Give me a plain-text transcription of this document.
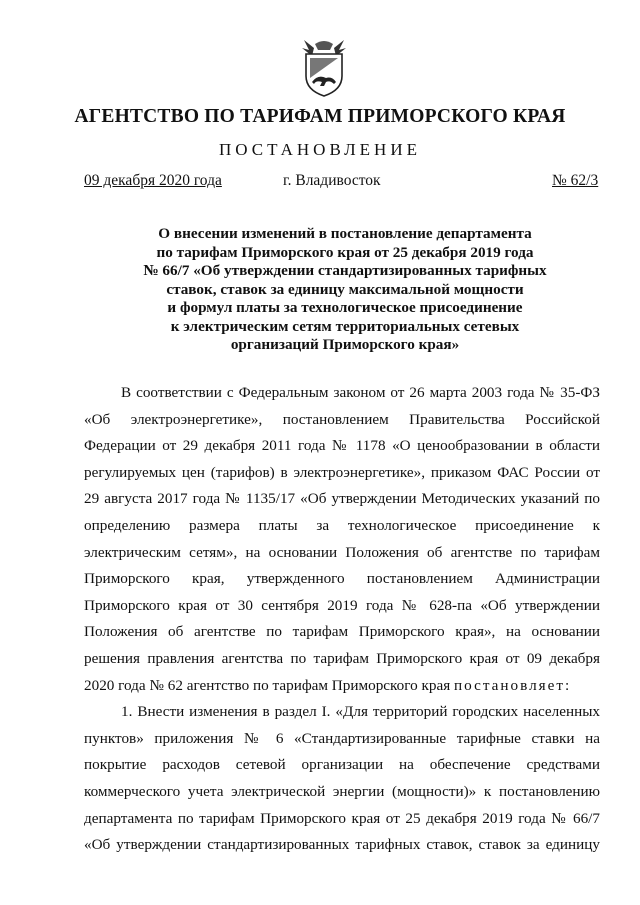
АГЕНТСТВО ПО ТАРИФАМ ПРИМОРСКОГО КРАЯ
ПОСТАНОВЛЕНИЕ
09 декабря 2020 года	г. Владивосток	№ 62/3
О внесении изменений в постановление департамента
по тарифам Приморского края от 25 декабря 2019 года
№ 66/7 «Об утверждении стандартизированных тарифных
ставок, ставок за единицу максимальной мощности
и формул платы за технологическое присоединение
к электрическим сетям территориальных сетевых
организаций Приморского края»

В соответствии с Федеральным законом от 26 марта 2003 года № 35-ФЗ
«Об электроэнергетике», постановлением Правительства Российской
Федерации от 29 декабря 2011 года № 1178 «О ценообразовании в области
регулируемых цен (тарифов) в электроэнергетике», приказом ФАС России от
29 августа 2017 года № 1135/17 «Об утверждении Методических указаний по
определению размера платы за технологическое присоединение к
электрическим сетям», на основании Положения об агентстве по тарифам
Приморского края, утвержденного постановлением Администрации
Приморского края от 30 сентября 2019 года № 628-па «Об утверждении
Положения об агентстве по тарифам Приморского края», на основании
решения правления агентства по тарифам Приморского края от 09 декабря
2020 года № 62 агентство по тарифам Приморского края постановляет:

1. Внести изменения в раздел I. «Для территорий городских населенных
пунктов» приложения № 6 «Стандартизированные тарифные ставки на
покрытие расходов сетевой организации на обеспечение средствами
коммерческого учета электрической энергии (мощности)» к постановлению
департамента по тарифам Приморского края от 25 декабря 2019 года № 66/7
«Об утверждении стандартизированных тарифных ставок, ставок за единицу
